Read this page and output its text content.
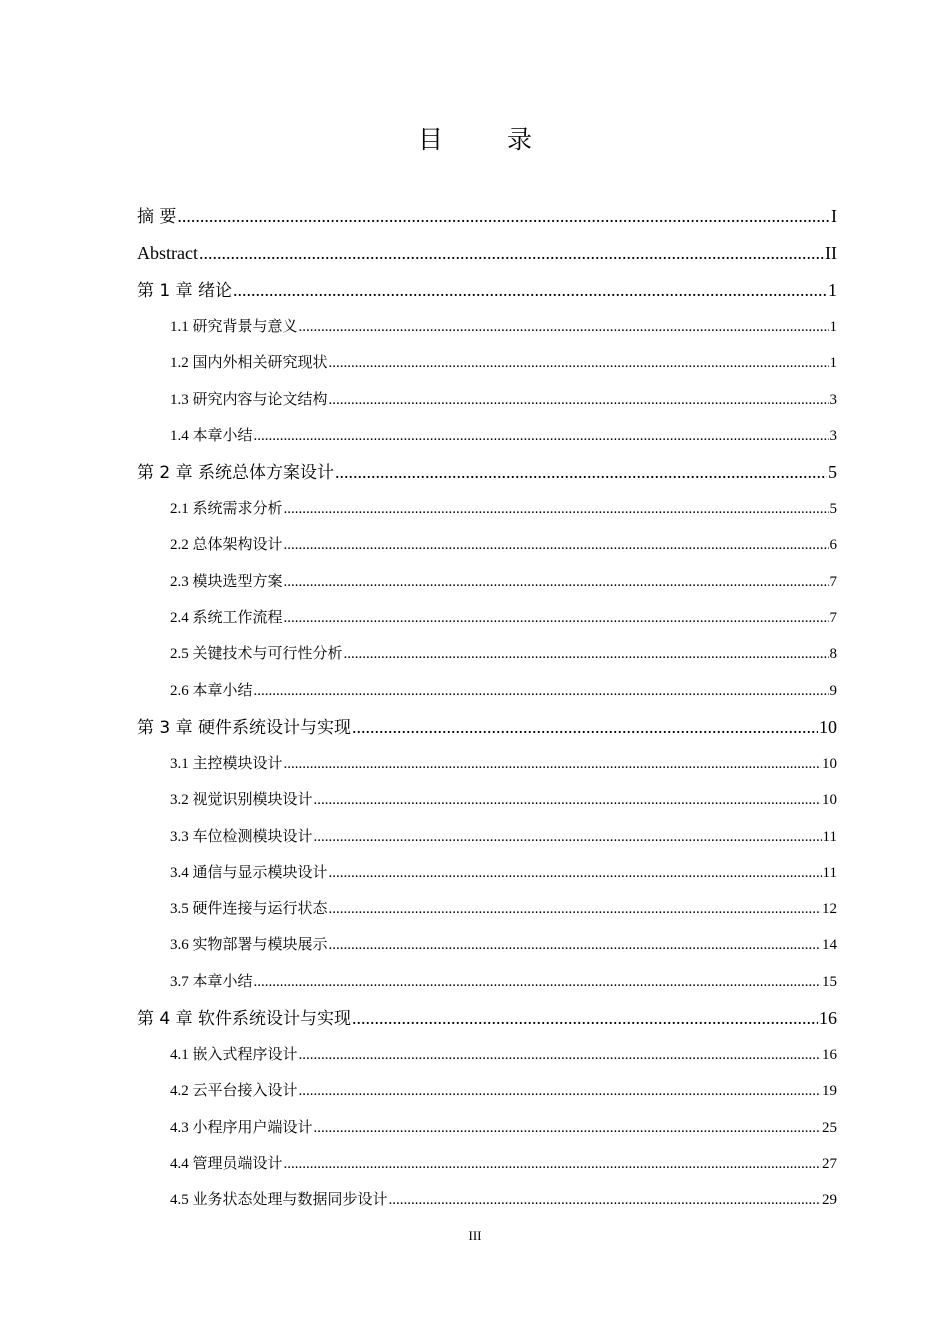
目 录
摘 要 .....	I
Abstract .....	II
第 1 章 绪论 .....	1
1.1 研究背景与意义 .....	1
1.2 国内外相关研究现状 .....	1
1.3 研究内容与论文结构 .....	3
1.4 本章小结 .....	3
第 2 章 系统总体方案设计 .....	5
2.1 系统需求分析 .....	5
2.2 总体架构设计 .....	6
2.3 模块选型方案 .....	7
2.4 系统工作流程 .....	7
2.5 关键技术与可行性分析 .....	8
2.6 本章小结 .....	9
第 3 章 硬件系统设计与实现 .....	10
3.1 主控模块设计 .....	10
3.2 视觉识别模块设计 .....	10
3.3 车位检测模块设计 .....	11
3.4 通信与显示模块设计 .....	11
3.5 硬件连接与运行状态 .....	12
3.6 实物部署与模块展示 .....	14
3.7 本章小结 .....	15
第 4 章 软件系统设计与实现 .....	16
4.1 嵌入式程序设计 .....	16
4.2 云平台接入设计 .....	19
4.3 小程序用户端设计 .....	25
4.4 管理员端设计 .....	27
4.5 业务状态处理与数据同步设计 .....	29
III
